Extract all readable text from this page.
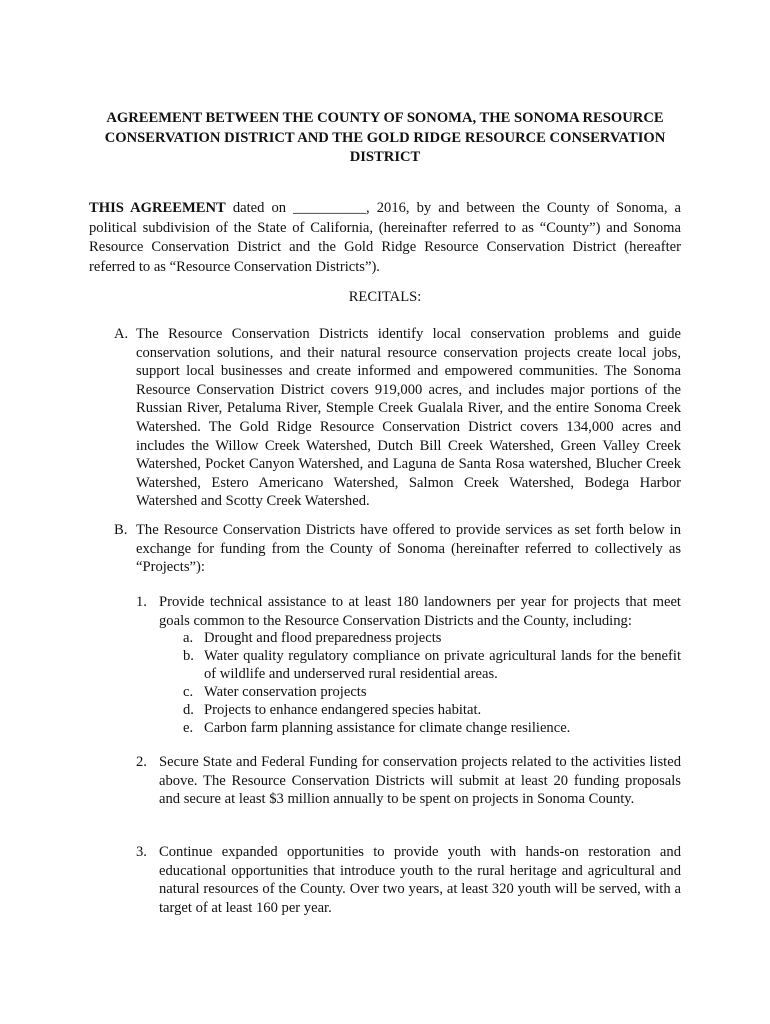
AGREEMENT BETWEEN THE COUNTY OF SONOMA, THE SONOMA RESOURCE CONSERVATION DISTRICT AND THE GOLD RIDGE RESOURCE CONSERVATION DISTRICT
THIS AGREEMENT dated on __________, 2016, by and between the County of Sonoma, a political subdivision of the State of California, (hereinafter referred to as “County”) and Sonoma Resource Conservation District and the Gold Ridge Resource Conservation District (hereafter referred to as “Resource Conservation Districts”).
RECITALS:
A. The Resource Conservation Districts identify local conservation problems and guide conservation solutions, and their natural resource conservation projects create local jobs, support local businesses and create informed and empowered communities. The Sonoma Resource Conservation District covers 919,000 acres, and includes major portions of the Russian River, Petaluma River, Stemple Creek Gualala River, and the entire Sonoma Creek Watershed. The Gold Ridge Resource Conservation District covers 134,000 acres and includes the Willow Creek Watershed, Dutch Bill Creek Watershed, Green Valley Creek Watershed, Pocket Canyon Watershed, and Laguna de Santa Rosa watershed, Blucher Creek Watershed, Estero Americano Watershed, Salmon Creek Watershed, Bodega Harbor Watershed and Scotty Creek Watershed.
B. The Resource Conservation Districts have offered to provide services as set forth below in exchange for funding from the County of Sonoma (hereinafter referred to collectively as “Projects”):
1. Provide technical assistance to at least 180 landowners per year for projects that meet goals common to the Resource Conservation Districts and the County, including:
a. Drought and flood preparedness projects
b. Water quality regulatory compliance on private agricultural lands for the benefit of wildlife and underserved rural residential areas.
c. Water conservation projects
d. Projects to enhance endangered species habitat.
e. Carbon farm planning assistance for climate change resilience.
2. Secure State and Federal Funding for conservation projects related to the activities listed above. The Resource Conservation Districts will submit at least 20 funding proposals and secure at least $3 million annually to be spent on projects in Sonoma County.
3. Continue expanded opportunities to provide youth with hands-on restoration and educational opportunities that introduce youth to the rural heritage and agricultural and natural resources of the County. Over two years, at least 320 youth will be served, with a target of at least 160 per year.
